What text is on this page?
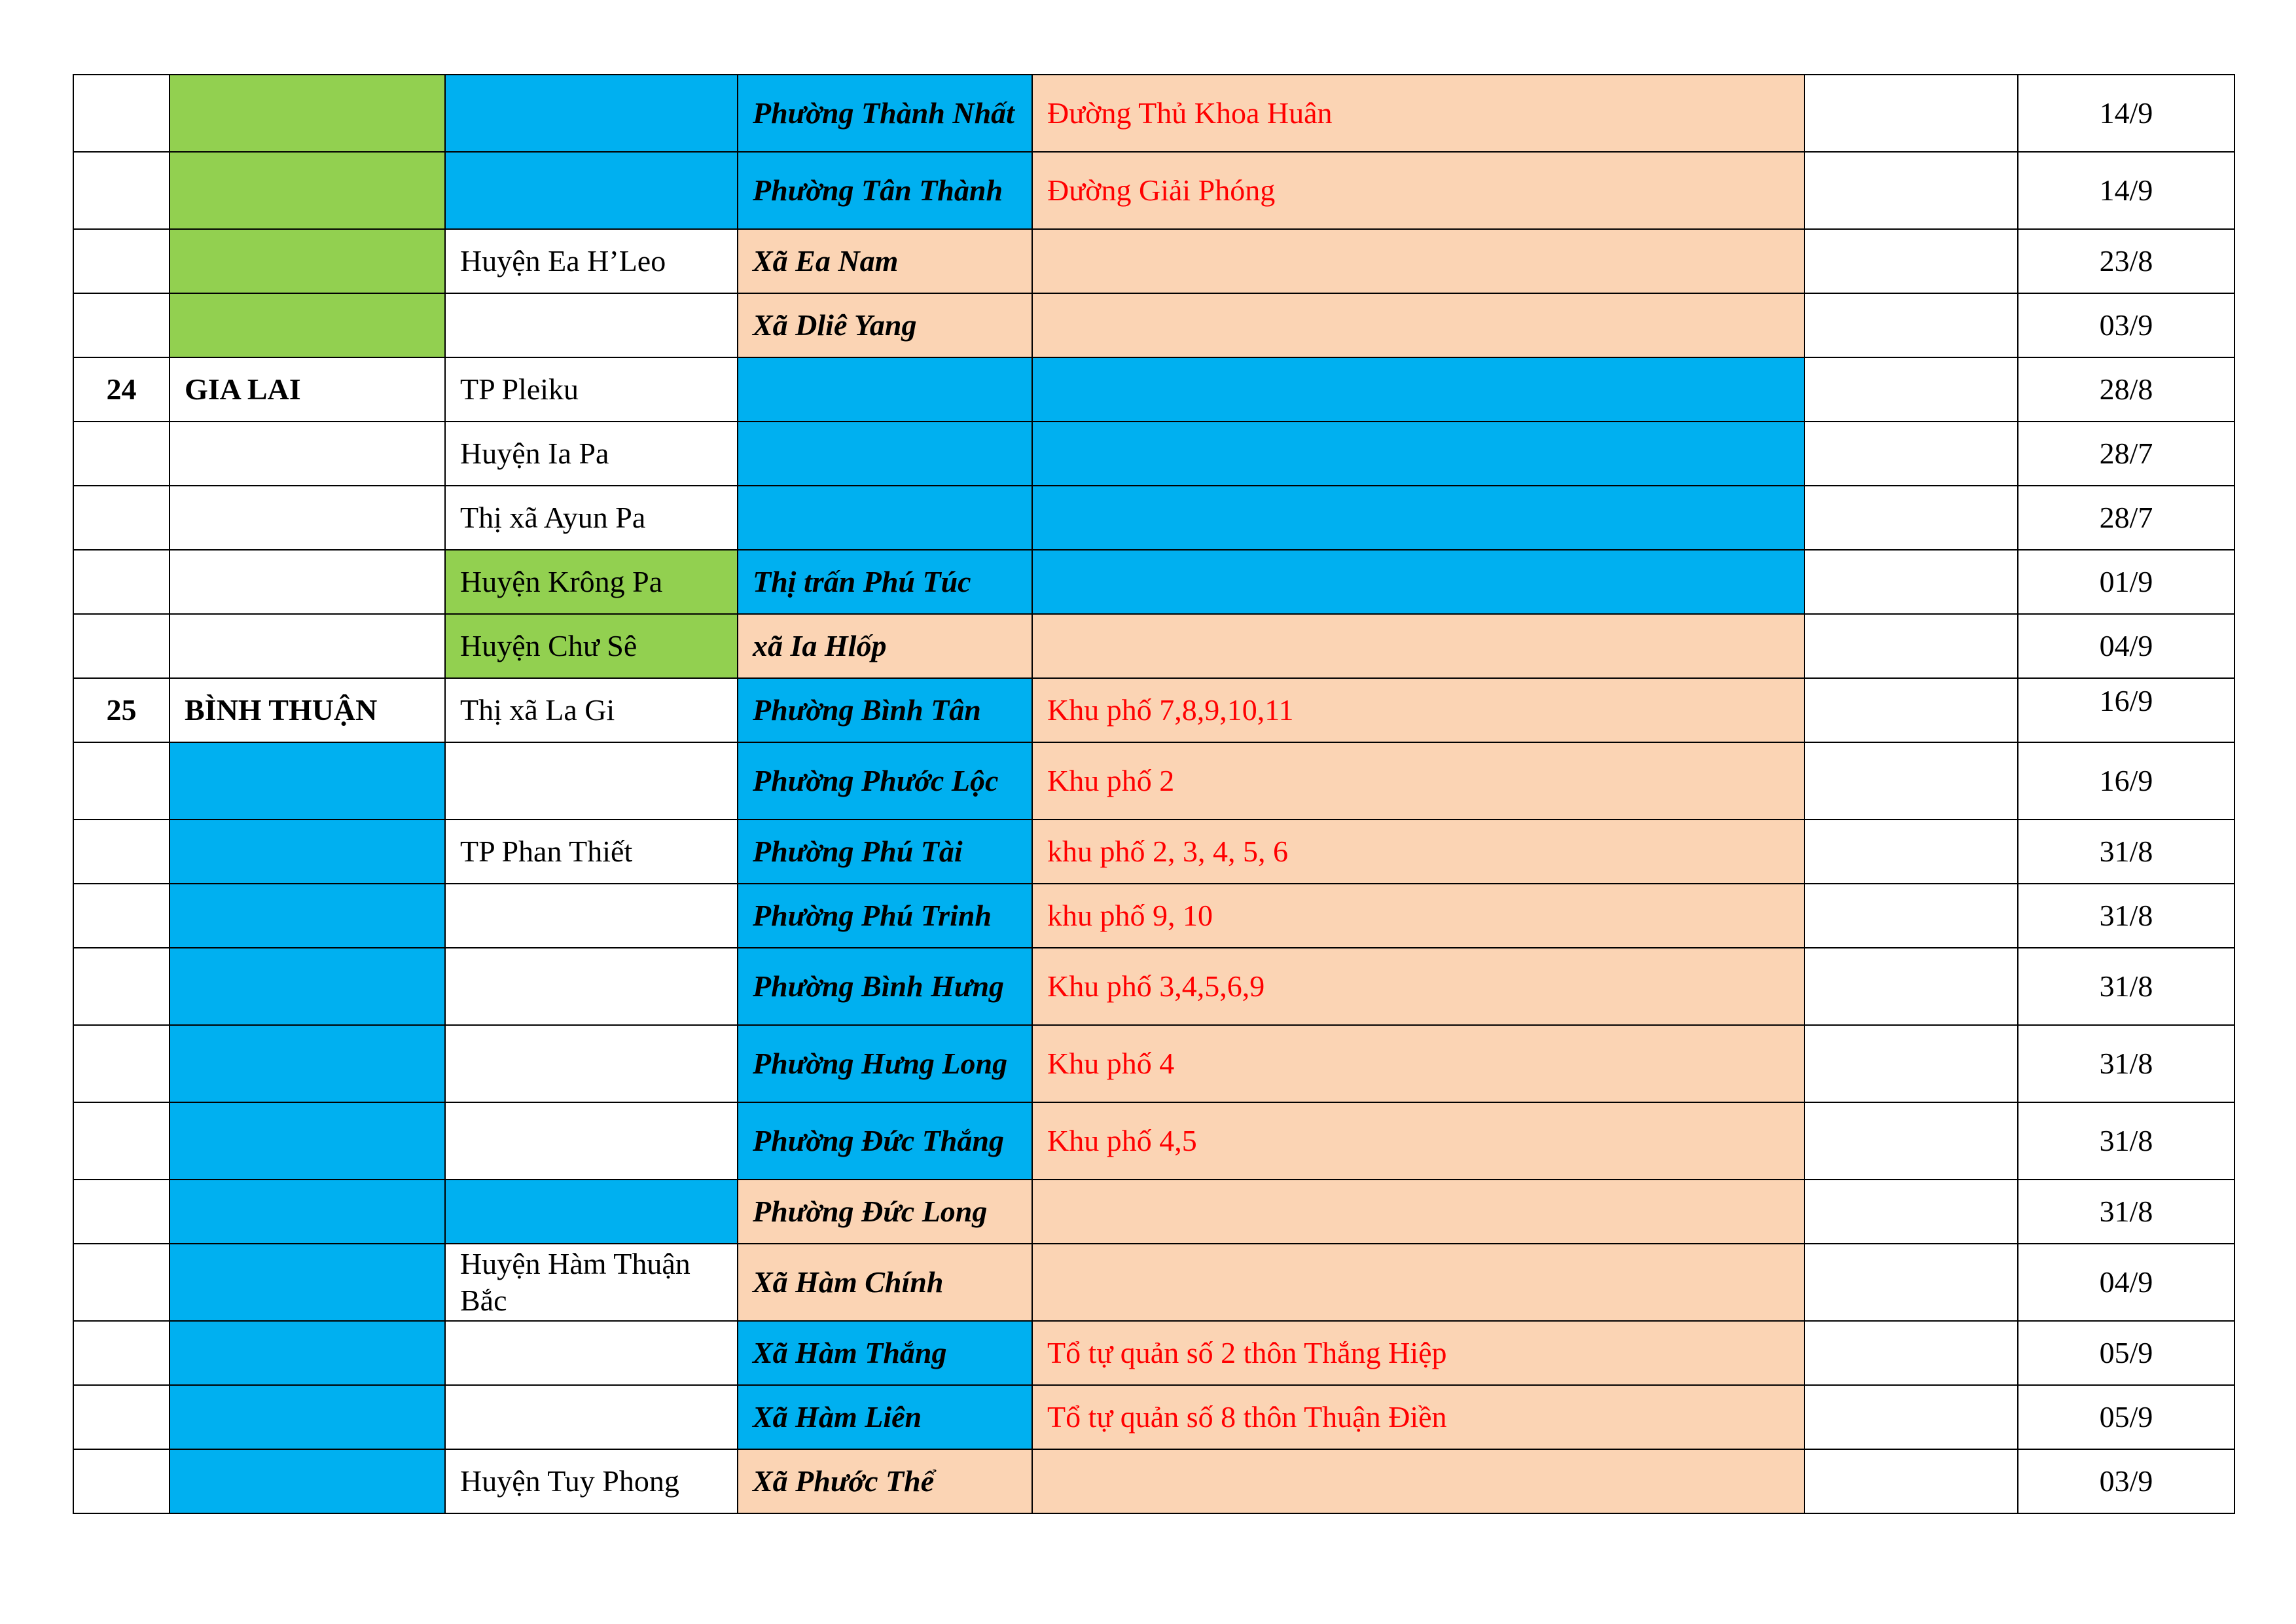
			Phường Thành Nhất	Đường Thủ Khoa Huân		14/9
			Phường Tân Thành	Đường Giải Phóng		14/9
		Huyện Ea H’Leo	Xã Ea Nam			23/8
			Xã Dliê Yang			03/9
24	GIA LAI	TP Pleiku				28/8
		Huyện Ia Pa				28/7
		Thị xã Ayun Pa				28/7
		Huyện Krông Pa	Thị trấn Phú Túc			01/9
		Huyện Chư Sê	xã Ia Hlốp			04/9
25	BÌNH THUẬN	Thị xã La Gi	Phường Bình Tân	Khu phố 7,8,9,10,11		16/9
			Phường Phước Lộc	Khu phố 2		16/9
		TP Phan Thiết	Phường Phú Tài	khu phố 2, 3, 4, 5, 6		31/8
			Phường Phú Trinh	khu phố 9, 10		31/8
			Phường Bình Hưng	Khu phố 3,4,5,6,9		31/8
			Phường Hưng Long	Khu phố 4		31/8
			Phường Đức Thắng	Khu phố 4,5		31/8
			Phường Đức Long			31/8
		Huyện Hàm Thuận Bắc	Xã Hàm Chính			04/9
			Xã Hàm Thắng	Tổ tự quản số 2 thôn Thắng Hiệp		05/9
			Xã Hàm Liên	Tổ tự quản số 8 thôn Thuận Điền		05/9
		Huyện Tuy Phong	Xã Phước Thể			03/9
